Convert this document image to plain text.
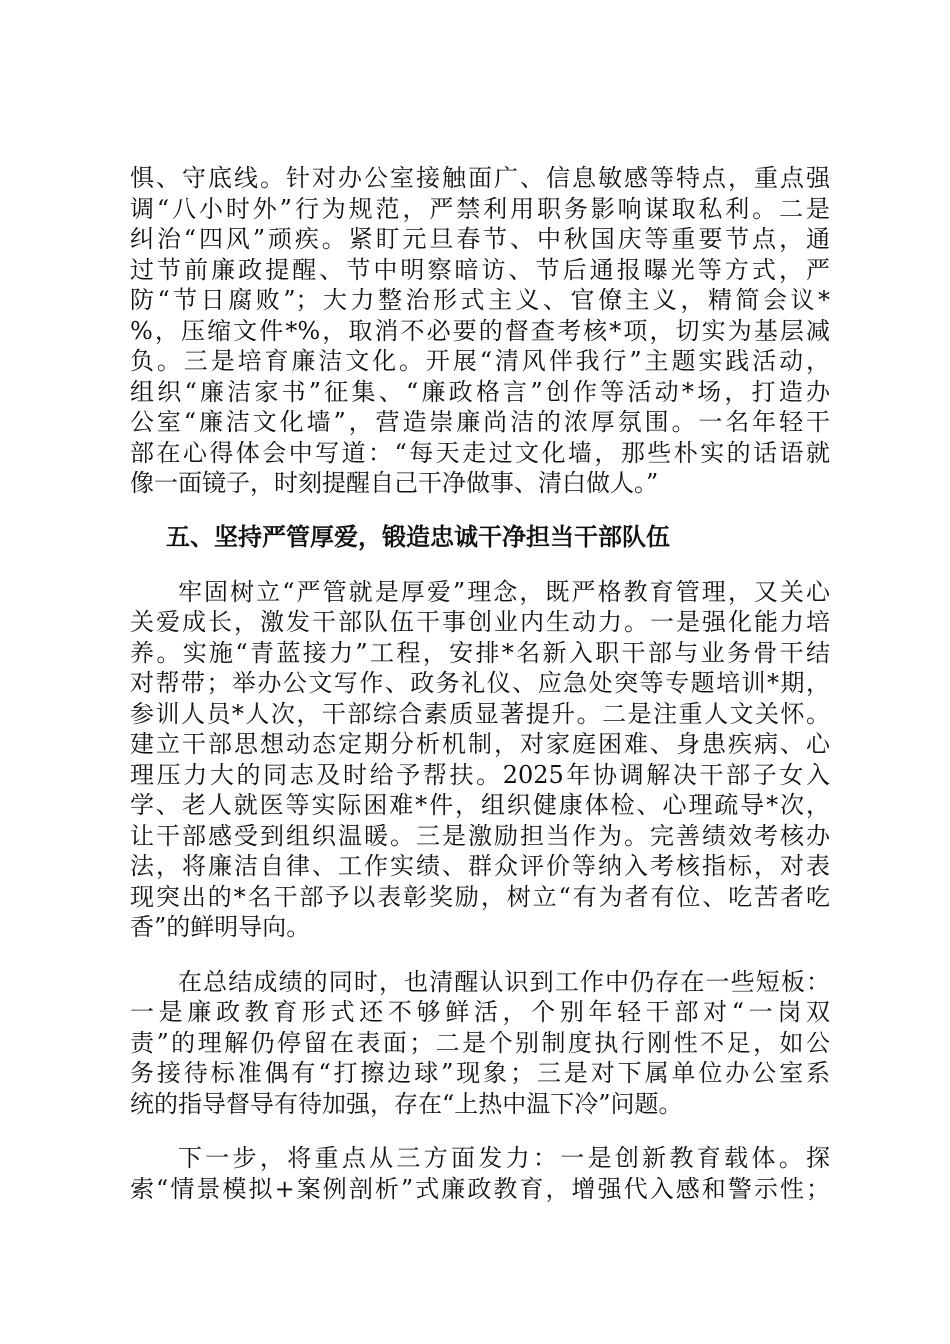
惧、守底线。针对办公室接触面广、信息敏感等特点，重点强
调“八小时外”行为规范，严禁利用职务影响谋取私利。二是
纠治“四风”顽疾。紧盯元旦春节、中秋国庆等重要节点，通
过节前廉政提醒、节中明察暗访、节后通报曝光等方式，严
防“节日腐败”；大力整治形式主义、官僚主义，精简会议*
%，压缩文件*%，取消不必要的督查考核*项，切实为基层减
负。三是培育廉洁文化。开展“清风伴我行”主题实践活动，
组织“廉洁家书”征集、“廉政格言”创作等活动*场，打造办
公室“廉洁文化墙”，营造崇廉尚洁的浓厚氛围。一名年轻干
部在心得体会中写道：“每天走过文化墙，那些朴实的话语就
像一面镜子，时刻提醒自己干净做事、清白做人。”
五、坚持严管厚爱，锻造忠诚干净担当干部队伍
牢固树立“严管就是厚爱”理念，既严格教育管理，又关心
关爱成长，激发干部队伍干事创业内生动力。一是强化能力培
养。实施“青蓝接力”工程，安排*名新入职干部与业务骨干结
对帮带；举办公文写作、政务礼仪、应急处突等专题培训*期，
参训人员*人次，干部综合素质显著提升。二是注重人文关怀。
建立干部思想动态定期分析机制，对家庭困难、身患疾病、心
理压力大的同志及时给予帮扶。2025年协调解决干部子女入
学、老人就医等实际困难*件，组织健康体检、心理疏导*次，
让干部感受到组织温暖。三是激励担当作为。完善绩效考核办
法，将廉洁自律、工作实绩、群众评价等纳入考核指标，对表
现突出的*名干部予以表彰奖励，树立“有为者有位、吃苦者吃
香”的鲜明导向。
在总结成绩的同时，也清醒认识到工作中仍存在一些短板：
一是廉政教育形式还不够鲜活，个别年轻干部对“一岗双
责”的理解仍停留在表面；二是个别制度执行刚性不足，如公
务接待标准偶有“打擦边球”现象；三是对下属单位办公室系
统的指导督导有待加强，存在“上热中温下冷”问题。
下一步，将重点从三方面发力：一是创新教育载体。探
索“情景模拟+案例剖析”式廉政教育，增强代入感和警示性；
